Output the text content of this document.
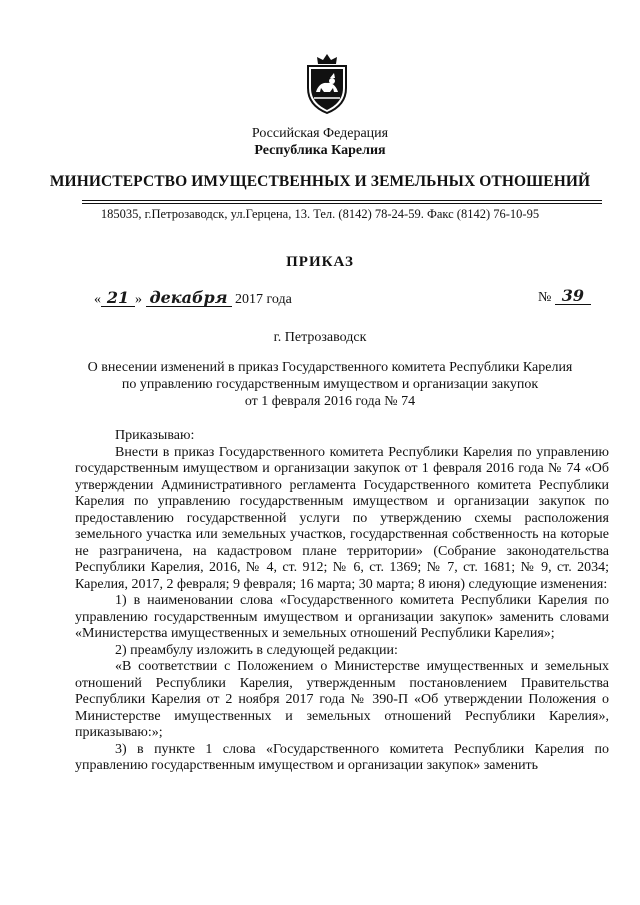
Российская Федерация
Республика Карелия
МИНИСТЕРСТВО ИМУЩЕСТВЕННЫХ И ЗЕМЕЛЬНЫХ ОТНОШЕНИЙ
185035, г.Петрозаводск, ул.Герцена, 13. Тел. (8142) 78-24-59. Факс (8142) 76-10-95
ПРИКАЗ
« 21 » декабря 2017 года	№ 39
г. Петрозаводск
О внесении изменений в приказ Государственного комитета Республики Карелия
по управлению государственным имуществом и организации закупок
от 1 февраля 2016 года № 74

Приказываю:

Внести в приказ Государственного комитета Республики Карелия по управлению государственным имуществом и организации закупок от 1 февраля 2016 года № 74 «Об утверждении Административного регламента Государственного комитета Республики Карелия по управлению государственным имуществом и организации закупок по предоставлению государственной услуги по утверждению схемы расположения земельного участка или земельных участков, государственная собственность на которые не разграничена, на кадастровом плане территории» (Собрание законодательства Республики Карелия, 2016, № 4, ст. 912; № 6, ст. 1369; № 7, ст. 1681; № 9, ст. 2034; Карелия, 2017, 2 февраля; 9 февраля; 16 марта; 30 марта; 8 июня) следующие изменения:

1) в наименовании слова «Государственного комитета Республики Карелия по управлению государственным имуществом и организации закупок» заменить словами «Министерства имущественных и земельных отношений Республики Карелия»;

2) преамбулу изложить в следующей редакции:

«В соответствии с Положением о Министерстве имущественных и земельных отношений Республики Карелия, утвержденным постановлением Правительства Республики Карелия от 2 ноября 2017 года № 390-П «Об утверждении Положения о Министерстве имущественных и земельных отношений Республики Карелия», приказываю:»;

3) в пункте 1 слова «Государственного комитета Республики Карелия по управлению государственным имуществом и организации закупок» заменить
